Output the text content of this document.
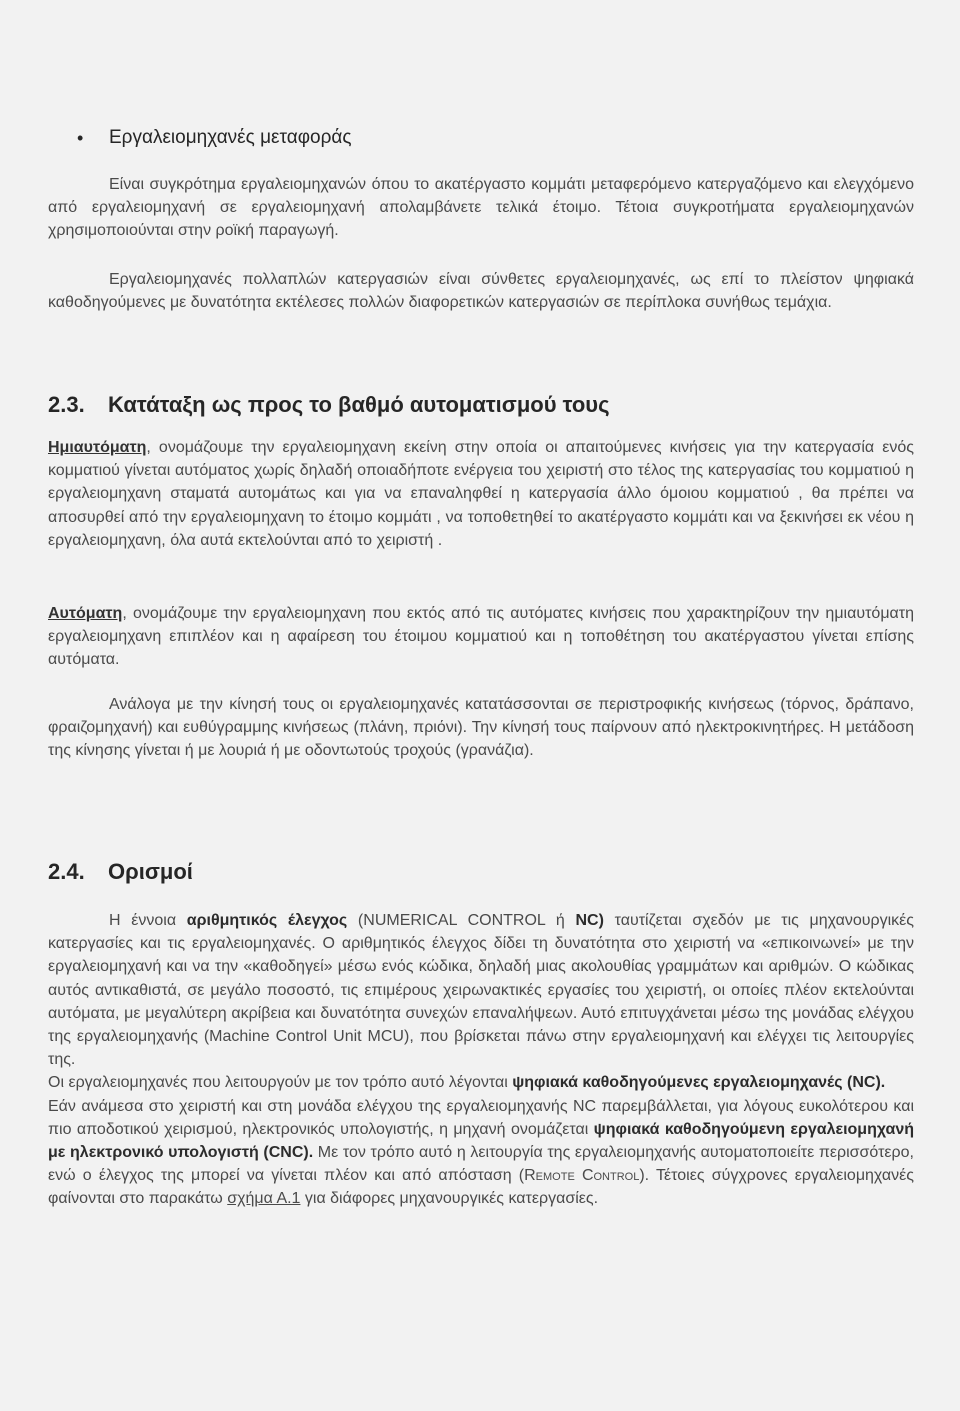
• Εργαλειομηχανές μεταφοράς

Είναι συγκρότημα εργαλειομηχανών όπου το ακατέργαστο κομμάτι μεταφερόμενο κατεργαζόμενο και ελεγχόμενο από εργαλειομηχανή σε εργαλειομηχανή απολαμβάνετε τελικά έτοιμο. Τέτοια συγκροτήματα εργαλειομηχανών χρησιμοποιούνται στην ροϊκή παραγωγή.

Εργαλειομηχανές πολλαπλών κατεργασιών είναι σύνθετες εργαλειομηχανές, ως επί το πλείστον ψηφιακά καθοδηγούμενες με δυνατότητα εκτέλεσες πολλών διαφορετικών κατεργασιών σε περίπλοκα συνήθως τεμάχια.

2.3. Κατάταξη ως προς το βαθμό αυτοματισμού τους

Ημιαυτόματη, ονομάζουμε την εργαλειομηχανη εκείνη στην οποία οι απαιτούμενες κινήσεις για την κατεργασία ενός κομματιού γίνεται αυτόματος χωρίς δηλαδή οποιαδήποτε ενέργεια του χειριστή στο τέλος της κατεργασίας του κομματιού η εργαλειομηχανη σταματά αυτομάτως και για να επαναληφθεί η κατεργασία άλλο όμοιου κομματιού , θα πρέπει να αποσυρθεί από την εργαλειομηχανη το έτοιμο κομμάτι , να τοποθετηθεί το ακατέργαστο κομμάτι και να ξεκινήσει εκ νέου η εργαλειομηχανη, όλα αυτά εκτελούνται από το χειριστή .

Αυτόματη, ονομάζουμε την εργαλειομηχανη που εκτός από τις αυτόματες κινήσεις που χαρακτηρίζουν την ημιαυτόματη εργαλειομηχανη επιπλέον και η αφαίρεση του έτοιμου κομματιού και η τοποθέτηση του ακατέργαστου γίνεται επίσης αυτόματα.

Ανάλογα με την κίνησή τους οι εργαλειομηχανές κατατάσσονται σε περιστροφικής κινήσεως (τόρνος, δράπανο, φραιζομηχανή) και ευθύγραμμης κινήσεως (πλάνη, πριόνι). Την κίνησή τους παίρνουν από ηλεκτροκινητήρες. Η μετάδοση της κίνησης γίνεται ή με λουριά ή με οδοντωτούς τροχούς (γρανάζια).

2.4. Ορισμοί

Η έννοια αριθμητικός έλεγχος (NUMERICAL CONTROL ή NC) ταυτίζεται σχεδόν με τις μηχανουργικές κατεργασίες και τις εργαλειομηχανές. Ο αριθμητικός έλεγχος δίδει τη δυνατότητα στο χειριστή να «επικοινωνεί» με την εργαλειομηχανή και να την «καθοδηγεί» μέσω ενός κώδικα, δηλαδή μιας ακολουθίας γραμμάτων και αριθμών. Ο κώδικας αυτός αντικαθιστά, σε μεγάλο ποσοστό, τις επιμέρους χειρωνακτικές εργασίες του χειριστή, οι οποίες πλέον εκτελούνται αυτόματα, με μεγαλύτερη ακρίβεια και δυνατότητα συνεχών επαναλήψεων. Αυτό επιτυγχάνεται μέσω της μονάδας ελέγχου της εργαλειομηχανής (Machine Control Unit MCU), που βρίσκεται πάνω στην εργαλειομηχανή και ελέγχει τις λειτουργίες της.

Οι εργαλειομηχανές που λειτουργούν με τον τρόπο αυτό λέγονται ψηφιακά καθοδηγούμενες εργαλειομηχανές (NC).

Εάν ανάμεσα στο χειριστή και στη μονάδα ελέγχου της εργαλειομηχανής NC παρεμβάλλεται, για λόγους ευκολότερου και πιο αποδοτικού χειρισμού, ηλεκτρονικός υπολογιστής, η μηχανή ονομάζεται ψηφιακά καθοδηγούμενη εργαλειομηχανή με ηλεκτρονικό υπολογιστή (CNC). Με τον τρόπο αυτό η λειτουργία της εργαλειομηχανής αυτοματοποιείτε περισσότερο, ενώ ο έλεγχος της μπορεί να γίνεται πλέον και από απόσταση (Remote Control). Τέτοιες σύγχρονες εργαλειομηχανές φαίνονται στο παρακάτω σχήμα Α.1 για διάφορες μηχανουργικές κατεργασίες.
